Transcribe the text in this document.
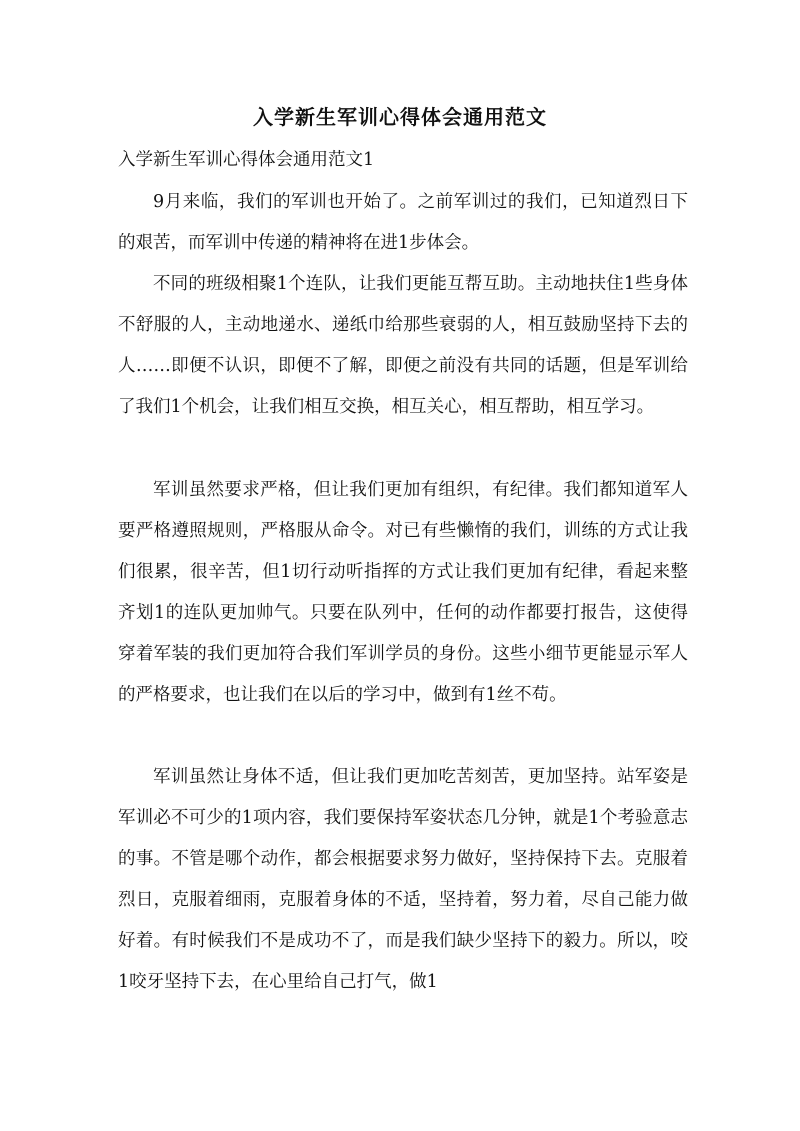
入学新生军训心得体会通用范文

入学新生军训心得体会通用范文1

9月来临，我们的军训也开始了。之前军训过的我们，已知道烈日下的艰苦，而军训中传递的精神将在进1步体会。

不同的班级相聚1个连队，让我们更能互帮互助。主动地扶住1些身体不舒服的人，主动地递水、递纸巾给那些衰弱的人，相互鼓励坚持下去的人……即便不认识，即便不了解，即便之前没有共同的话题，但是军训给了我们1个机会，让我们相互交换，相互关心，相互帮助，相互学习。

军训虽然要求严格，但让我们更加有组织，有纪律。我们都知道军人要严格遵照规则，严格服从命令。对已有些懒惰的我们，训练的方式让我们很累，很辛苦，但1切行动听指挥的方式让我们更加有纪律，看起来整齐划1的连队更加帅气。只要在队列中，任何的动作都要打报告，这使得穿着军装的我们更加符合我们军训学员的身份。这些小细节更能显示军人的严格要求，也让我们在以后的学习中，做到有1丝不苟。

军训虽然让身体不适，但让我们更加吃苦刻苦，更加坚持。站军姿是军训必不可少的1项内容，我们要保持军姿状态几分钟，就是1个考验意志的事。不管是哪个动作，都会根据要求努力做好，坚持保持下去。克服着烈日，克服着细雨，克服着身体的不适，坚持着，努力着，尽自己能力做好着。有时候我们不是成功不了，而是我们缺少坚持下的毅力。所以，咬1咬牙坚持下去，在心里给自己打气，做1
